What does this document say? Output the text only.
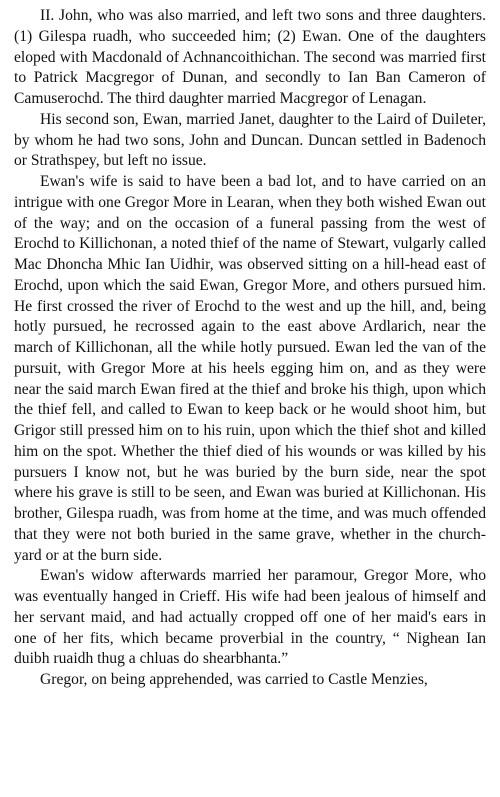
II. John, who was also married, and left two sons and three daughters. (1) Gilespa ruadh, who succeeded him; (2) Ewan. One of the daughters eloped with Macdonald of Achnancoithichan. The second was married first to Patrick Macgregor of Dunan, and secondly to Ian Ban Cameron of Camuserochd. The third daughter married Macgregor of Lenagan.

His second son, Ewan, married Janet, daughter to the Laird of Duileter, by whom he had two sons, John and Duncan. Duncan settled in Badenoch or Strathspey, but left no issue.

Ewan's wife is said to have been a bad lot, and to have carried on an intrigue with one Gregor More in Learan, when they both wished Ewan out of the way; and on the occasion of a funeral passing from the west of Erochd to Killichonan, a noted thief of the name of Stewart, vulgarly called Mac Dhoncha Mhic Ian Uidhir, was observed sitting on a hill-head east of Erochd, upon which the said Ewan, Gregor More, and others pursued him. He first crossed the river of Erochd to the west and up the hill, and, being hotly pursued, he recrossed again to the east above Ardlarich, near the march of Killichonan, all the while hotly pursued. Ewan led the van of the pursuit, with Gregor More at his heels egging him on, and as they were near the said march Ewan fired at the thief and broke his thigh, upon which the thief fell, and called to Ewan to keep back or he would shoot him, but Grigor still pressed him on to his ruin, upon which the thief shot and killed him on the spot. Whether the thief died of his wounds or was killed by his pursuers I know not, but he was buried by the burn side, near the spot where his grave is still to be seen, and Ewan was buried at Killichonan. His brother, Gilespa ruadh, was from home at the time, and was much offended that they were not both buried in the same grave, whether in the church-yard or at the burn side.

Ewan's widow afterwards married her paramour, Gregor More, who was eventually hanged in Crieff. His wife had been jealous of himself and her servant maid, and had actually cropped off one of her maid's ears in one of her fits, which became proverbial in the country, “ Nighean Ian duibh ruaidh thug a chluas do shearbhanta.”

Gregor, on being apprehended, was carried to Castle Menzies,
